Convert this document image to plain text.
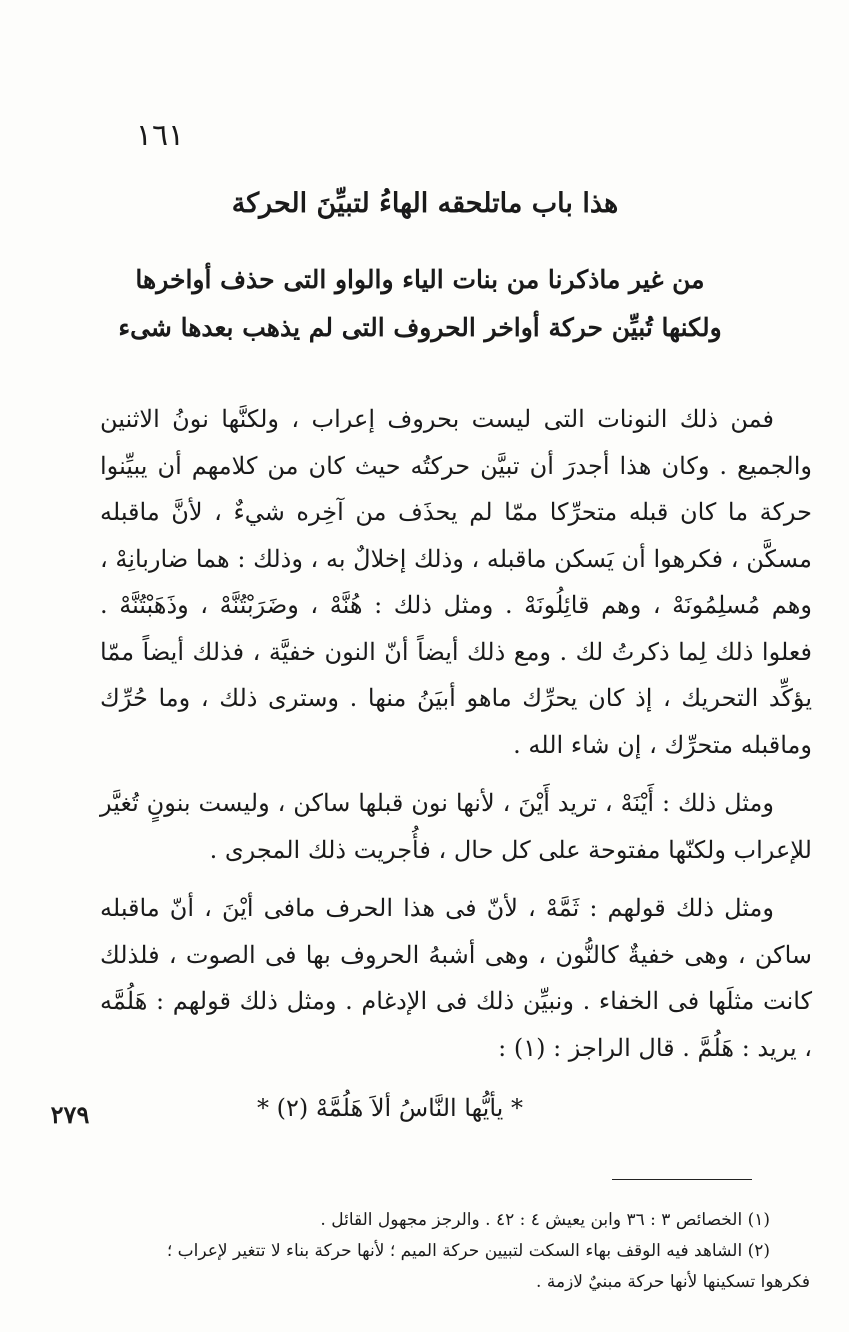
١٦١
هذا باب ماتلحقه الهاءُ لتبيِّنَ الحركة
من غير ماذكرنا من بنات الياء والواو التى حذف أواخرها
ولكنها تُبيِّن حركة أواخر الحروف التى لم يذهب بعدها شىء

فمن ذلك النونات التى ليست بحروف إعراب ، ولكنَّها نونُ الاثنين والجميع . وكان هذا أجدرَ أن تبيَّن حركتُه حيث كان من كلامهم أن يبيِّنوا حركة ما كان قبله متحرِّكا ممّا لم يحذَف من آخِره شيءٌ ، لأنَّ ماقبله مسكَّن ، فكرهوا أن يَسكن ماقبله ، وذلك إخلالٌ به ، وذلك : هما ضاربانِهْ ، وهم مُسلِمُونَهْ ، وهم قائِلُونَهْ . ومثل ذلك : هُنَّهْ ، وضَرَبْتُنَّهْ ، وذَهَبْتُنَّهْ . فعلوا ذلك لِما ذكرتُ لك . ومع ذلك أيضاً أنّ النون خفيَّة ، فذلك أيضاً ممّا يؤكِّد التحريك ، إذ كان يحرِّك ماهو أبيَنُ منها . وسترى ذلك ، وما حُرِّك وماقبله متحرِّك ، إن شاء الله .

ومثل ذلك : أَيْنَهْ ، تريد أَيْنَ ، لأنها نون قبلها ساكن ، وليست بنونٍ تُغيَّر للإعراب ولكنّها مفتوحة على كل حال ، فأُجريت ذلك المجرى .

ومثل ذلك قولهم : ثَمَّهْ ، لأنّ فى هذا الحرف مافى أيْنَ ، أنّ ماقبله ساكن ، وهى خفيةٌ كالنُّون ، وهى أشبهُ الحروف بها فى الصوت ، فلذلك كانت مثلَها فى الخفاء . ونبيِّن ذلك فى الإدغام . ومثل ذلك قولهم : هَلُمَّه ، يريد : هَلُمَّ . قال الراجز : (١) :

* يأيُّها النَّاسُ ألاَ هَلُمَّهْ (٢) *
٢٧٩

(١) الخصائص ٣ : ٣٦ وابن يعيش ٤ : ٤٢ . والرجز مجهول القائل .

(٢) الشاهد فيه الوقف بهاء السكت لتبيين حركة الميم ؛ لأنها حركة بناء لا تتغير لإعراب ؛

فكرهوا تسكينها لأنها حركة مبنيٌ لازمة .
